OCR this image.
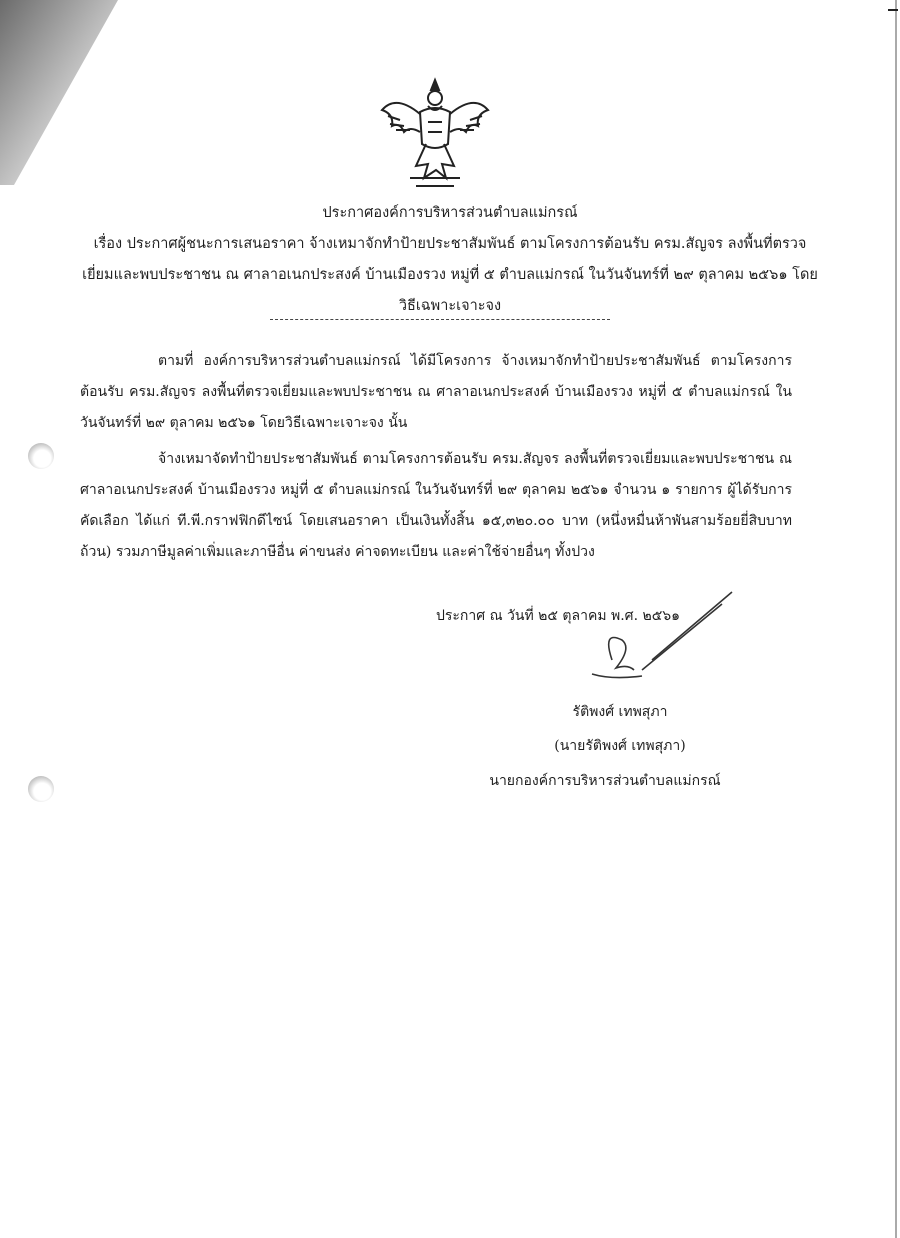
ประกาศองค์การบริหารส่วนตำบลแม่กรณ์
เรื่อง ประกาศผู้ชนะการเสนอราคา จ้างเหมาจักทำป้ายประชาสัมพันธ์ ตามโครงการต้อนรับ ครม.สัญจร ลงพื้นที่ตรวจเยี่ยมและพบประชาชน ณ ศาลาอเนกประสงค์ บ้านเมืองรวง หมู่ที่ ๕ ตำบลแม่กรณ์ ในวันจันทร์ที่ ๒๙ ตุลาคม ๒๕๖๑ โดยวิธีเฉพาะเจาะจง
ตามที่ องค์การบริหารส่วนตำบลแม่กรณ์ ได้มีโครงการ จ้างเหมาจักทำป้ายประชาสัมพันธ์ ตามโครงการต้อนรับ ครม.สัญจร ลงพื้นที่ตรวจเยี่ยมและพบประชาชน ณ ศาลาอเนกประสงค์ บ้านเมืองรวง หมู่ที่ ๕ ตำบลแม่กรณ์ ในวันจันทร์ที่ ๒๙ ตุลาคม ๒๕๖๑ โดยวิธีเฉพาะเจาะจง นั้น
จ้างเหมาจัดทำป้ายประชาสัมพันธ์ ตามโครงการต้อนรับ ครม.สัญจร ลงพื้นที่ตรวจเยี่ยมและพบประชาชน ณ ศาลาอเนกประสงค์ บ้านเมืองรวง หมู่ที่ ๕ ตำบลแม่กรณ์ ในวันจันทร์ที่ ๒๙ ตุลาคม ๒๕๖๑ จำนวน ๑ รายการ ผู้ได้รับการคัดเลือก ได้แก่ ที.พี.กราฟฟิกดีไซน์ โดยเสนอราคา เป็นเงินทั้งสิ้น ๑๕,๓๒๐.๐๐ บาท (หนึ่งหมื่นห้าพันสามร้อยยี่สิบบาทถ้วน) รวมภาษีมูลค่าเพิ่มและภาษีอื่น ค่าขนส่ง ค่าจดทะเบียน และค่าใช้จ่ายอื่นๆ ทั้งปวง
ประกาศ ณ วันที่ ๒๕ ตุลาคม พ.ศ. ๒๕๖๑
รัติพงศ์ เทพสุภา
(นายรัติพงศ์ เทพสุภา)
นายกองค์การบริหารส่วนตำบลแม่กรณ์
